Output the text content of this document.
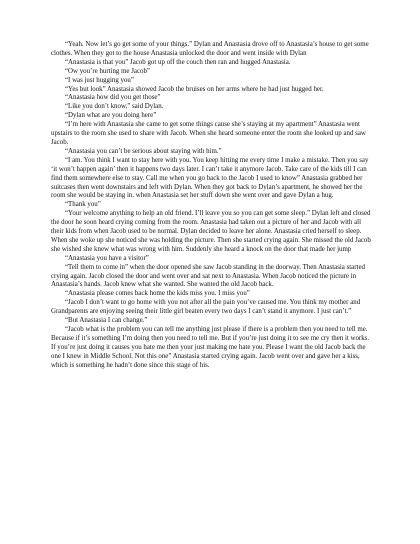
“Yeah. Now let’s go get some of your things.” Dylan and Anastasia drove off to Anastasia’s house to get some clothes. When they got to the house Anastasia unlocked the door and went inside with Dylan

“Anastasia is that you” Jacob got up off the couch then ran and hugged Anastasia.

“Ow you’re hurting me Jacob”

“I was just hugging you”

“Yes but look” Anastasia showed Jacob the bruises on her arms where he had just hugged her.

“Anastasia how did you get those”

“Like you don’t know,” said Dylan.

“Dylan what are you doing here”

“I’m here with Anastasia she came to get some things cause she’s staying at my apartment” Anastasia went upstairs to the room she used to share with Jacob. When she heard someone enter the room she looked up and saw Jacob.

“Anastasia you can’t be serious about staying with him.”

“I am. You think I want to stay here with you. You keep hitting me every time I make a mistake. Then you say ‘it won’t happen again’ then it happens two days later. I can’t take it anymore Jacob. Take care of the kids till I can find them somewhere else to stay. Call me when you go back to the Jacob I used to know” Anastasia grabbed her suitcases then went downstairs and left with Dylan. When they got back to Dylan’s apartment, he showed her the room she would be staying in. when Anastasia set her stuff down she went over and gave Dylan a hug.

“Thank you”

“Your welcome anything to help an old friend. I’ll leave you so you can get some sleep.” Dylan left and closed the door he soon heard crying coming from the room. Anastasia had taken out a picture of her and Jacob with all their kids from when Jacob used to be normal. Dylan decided to leave her alone. Anastasia cried herself to sleep. When she woke up she noticed she was holding the picture. Then she started crying again. She missed the old Jacob she wished she knew what was wrong with him. Suddenly she heard a knock on the door that made her jump

“Anastasia you have a visitor”

“Tell them to come in” when the door opened she saw Jacob standing in the doorway. Then Anastasia started crying again. Jacob closed the door and went over and sat next to Anastasia. When Jacob noticed the picture in Anastasia’s hands. Jacob knew what she wanted. She wanted the old Jacob back.

“Anastasia please comes back home the kids miss you. I miss you”

“Jacob I don’t want to go home with you not after all the pain you’ve caused me. You think my mother and Grandparents are enjoying seeing their little girl beaten every two days I can’t stand it anymore. I just can’t.”

“But Anastasia I can change.”

“Jacob what is the problem you can tell me anything just please if there is a problem then you need to tell me. Because if it’s something I’m doing then you need to tell me. But if you’re just doing it to see me cry then it works. If you’re just doing it causes you hate me then your just making me hate you. Please I want the old Jacob back the one I knew in Middle School. Not this one” Anastasia started crying again. Jacob went over and gave her a kiss, which is something he hadn’t done since this stage of his.
